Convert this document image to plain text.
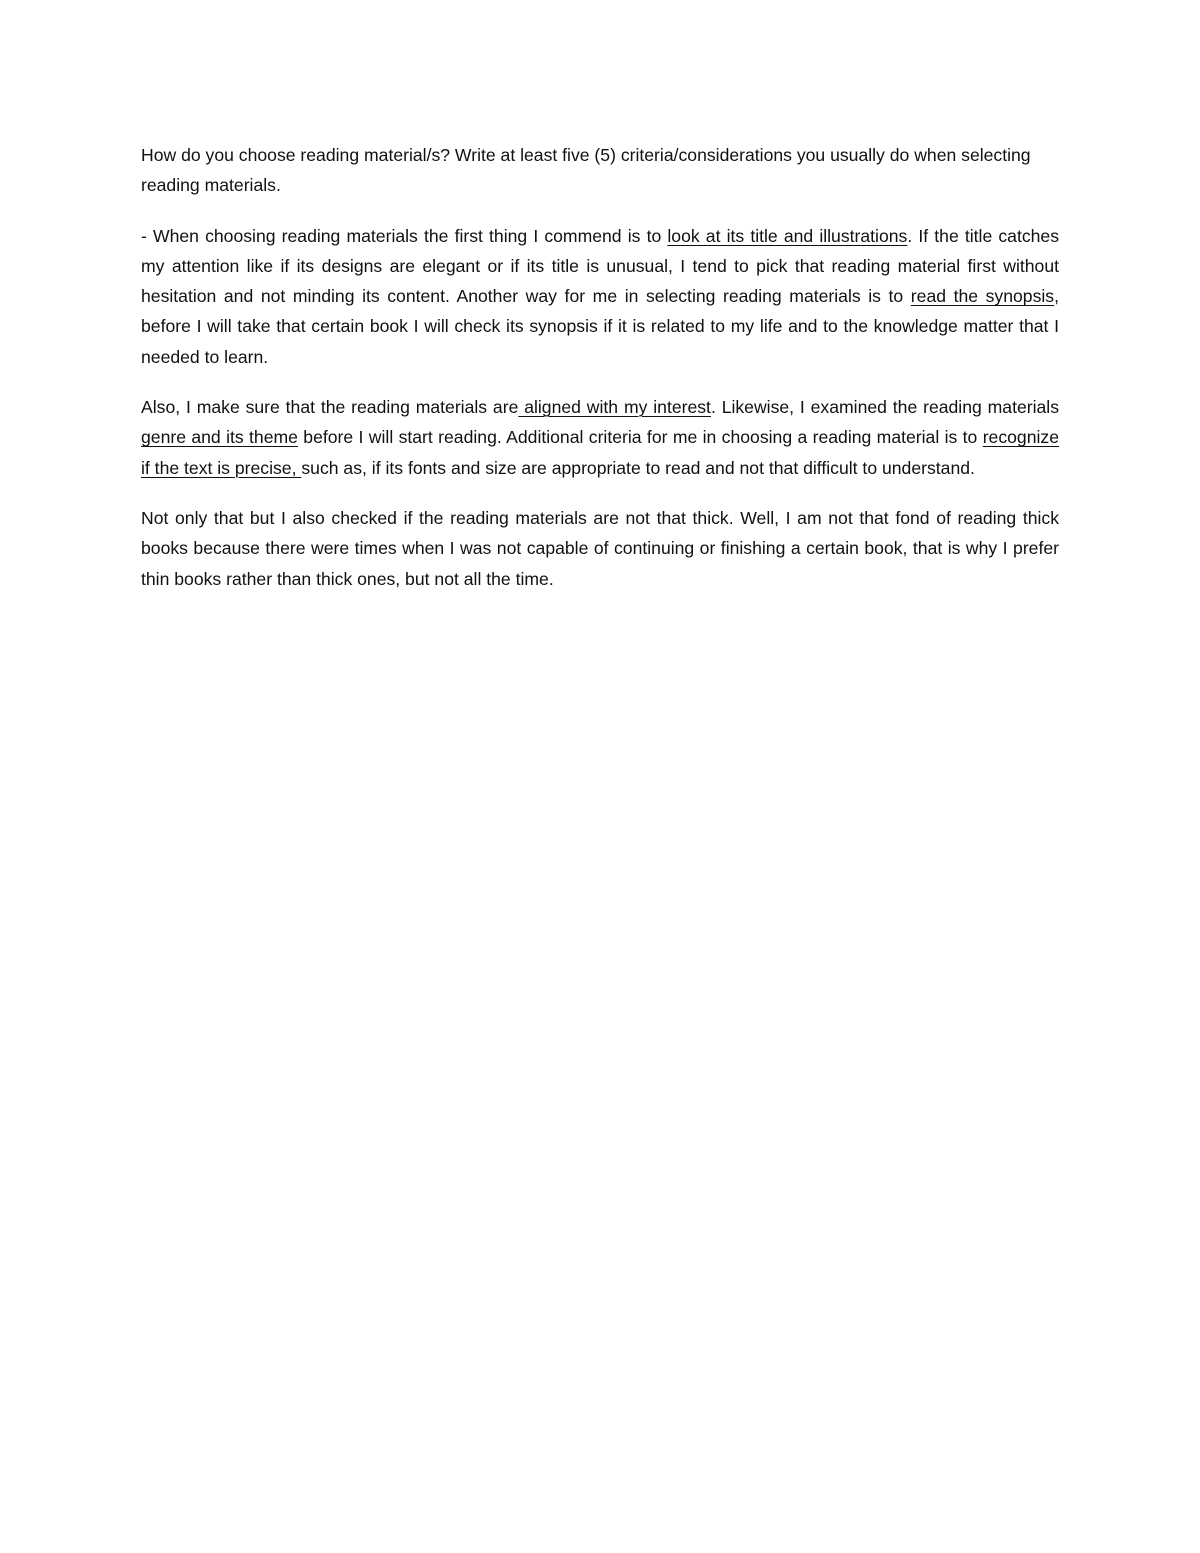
How do you choose reading material/s? Write at least five (5) criteria/considerations you usually do when selecting reading materials.

- When choosing reading materials the first thing I commend is to look at its title and illustrations. If the title catches my attention like if its designs are elegant or if its title is unusual, I tend to pick that reading material first without hesitation and not minding its content. Another way for me in selecting reading materials is to read the synopsis, before I will take that certain book I will check its synopsis if it is related to my life and to the knowledge matter that I needed to learn.

Also, I make sure that the reading materials are aligned with my interest. Likewise, I examined the reading materials genre and its theme before I will start reading. Additional criteria for me in choosing a reading material is to recognize if the text is precise, such as, if its fonts and size are appropriate to read and not that difficult to understand.

Not only that but I also checked if the reading materials are not that thick. Well, I am not that fond of reading thick books because there were times when I was not capable of continuing or finishing a certain book, that is why I prefer thin books rather than thick ones, but not all the time.
